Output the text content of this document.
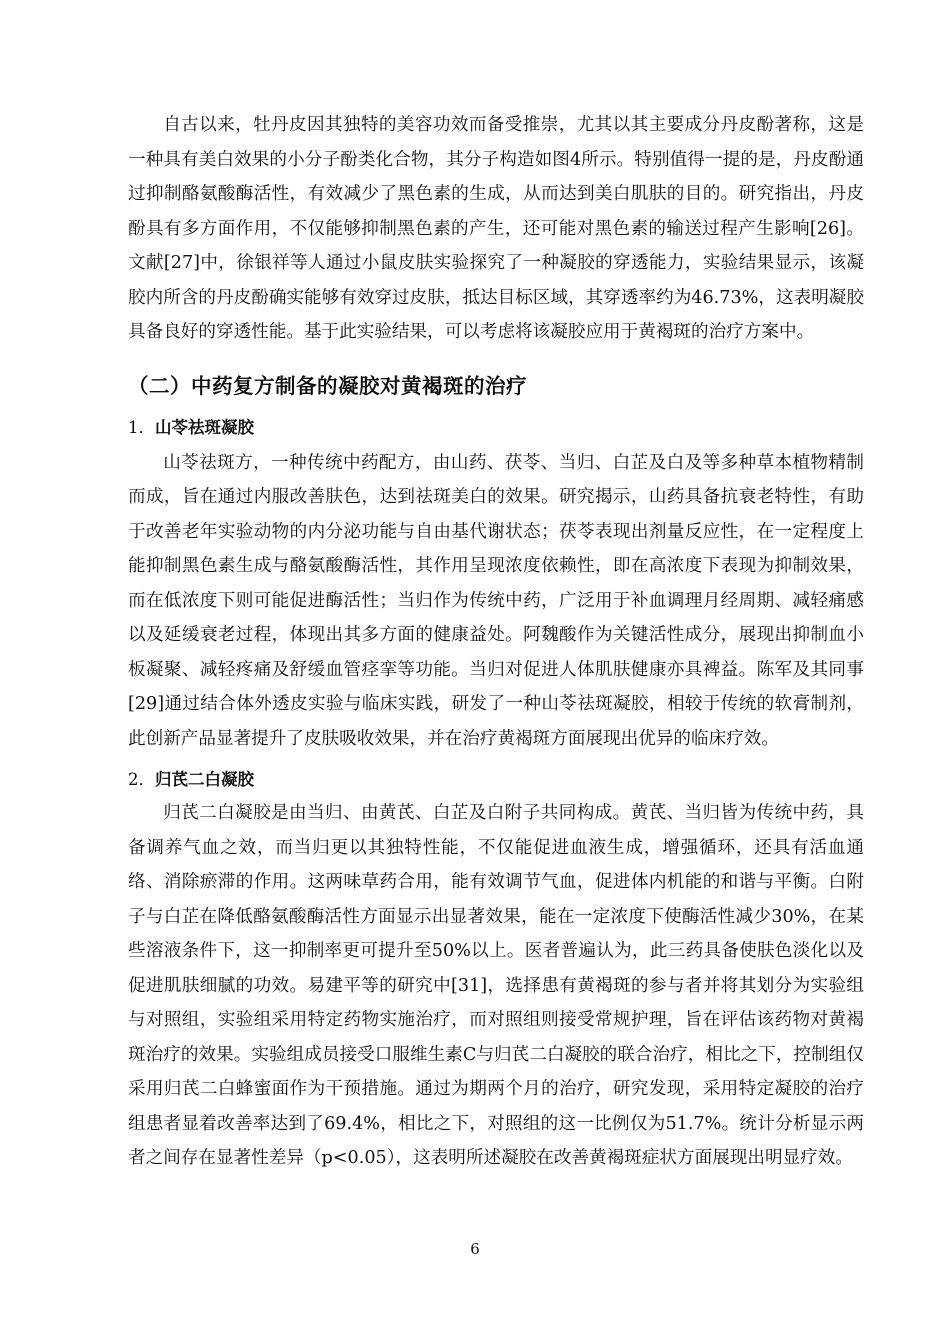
自古以来，牡丹皮因其独特的美容功效而备受推崇，尤其以其主要成分丹皮酚著称，这是一种具有美白效果的小分子酚类化合物，其分子构造如图4所示。特别值得一提的是，丹皮酚通过抑制酪氨酸酶活性，有效减少了黑色素的生成，从而达到美白肌肤的目的。研究指出，丹皮酚具有多方面作用，不仅能够抑制黑色素的产生，还可能对黑色素的输送过程产生影响[26]。文献[27]中，徐银祥等人通过小鼠皮肤实验探究了一种凝胶的穿透能力，实验结果显示，该凝胶内所含的丹皮酚确实能够有效穿过皮肤，抵达目标区域，其穿透率约为46.73%，这表明凝胶具备良好的穿透性能。基于此实验结果，可以考虑将该凝胶应用于黄褐斑的治疗方案中。

（二）中药复方制备的凝胶对黄褐斑的治疗
1．山苓祛斑凝胶

山苓祛斑方，一种传统中药配方，由山药、茯苓、当归、白芷及白及等多种草本植物精制而成，旨在通过内服改善肤色，达到祛斑美白的效果。研究揭示，山药具备抗衰老特性，有助于改善老年实验动物的内分泌功能与自由基代谢状态；茯苓表现出剂量反应性，在一定程度上能抑制黑色素生成与酪氨酸酶活性，其作用呈现浓度依赖性，即在高浓度下表现为抑制效果，而在低浓度下则可能促进酶活性；当归作为传统中药，广泛用于补血调理月经周期、减轻痛感以及延缓衰老过程，体现出其多方面的健康益处。阿魏酸作为关键活性成分，展现出抑制血小板凝聚、减轻疼痛及舒缓血管痉挛等功能。当归对促进人体肌肤健康亦具裨益。陈军及其同事[29]通过结合体外透皮实验与临床实践，研发了一种山苓祛斑凝胶，相较于传统的软膏制剂，此创新产品显著提升了皮肤吸收效果，并在治疗黄褐斑方面展现出优异的临床疗效。

2．归芪二白凝胶

归芪二白凝胶是由当归、由黄芪、白芷及白附子共同构成。黄芪、当归皆为传统中药，具备调养气血之效，而当归更以其独特性能，不仅能促进血液生成，增强循环，还具有活血通络、消除瘀滞的作用。这两味草药合用，能有效调节气血，促进体内机能的和谐与平衡。白附子与白芷在降低酪氨酸酶活性方面显示出显著效果，能在一定浓度下使酶活性减少30%，在某些溶液条件下，这一抑制率更可提升至50%以上。医者普遍认为，此三药具备使肤色淡化以及促进肌肤细腻的功效。易建平等的研究中[31]，选择患有黄褐斑的参与者并将其划分为实验组与对照组，实验组采用特定药物实施治疗，而对照组则接受常规护理，旨在评估该药物对黄褐斑治疗的效果。实验组成员接受口服维生素C与归芪二白凝胶的联合治疗，相比之下，控制组仅采用归芪二白蜂蜜面作为干预措施。通过为期两个月的治疗，研究发现，采用特定凝胶的治疗组患者显着改善率达到了69.4%，相比之下，对照组的这一比例仅为51.7%。统计分析显示两者之间存在显著性差异（p<0.05），这表明所述凝胶在改善黄褐斑症状方面展现出明显疗效。

6
